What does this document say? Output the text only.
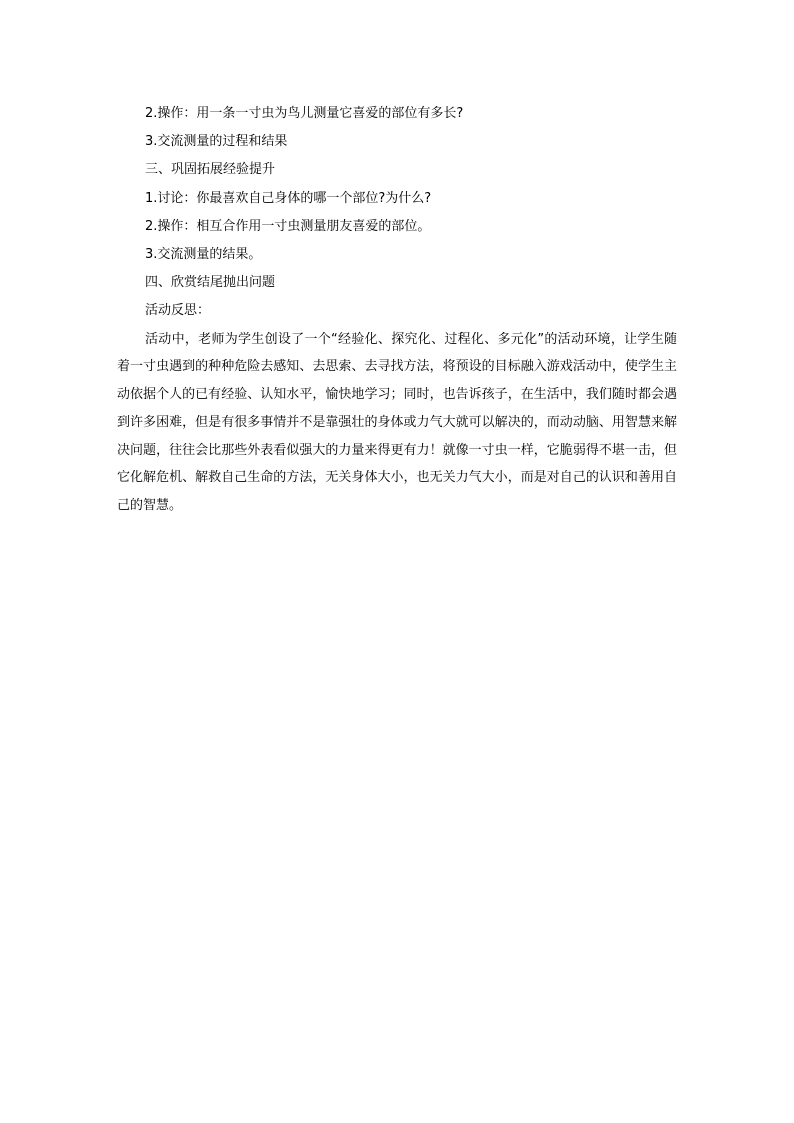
2.操作：用一条一寸虫为鸟儿测量它喜爱的部位有多长?

3.交流测量的过程和结果

三、巩固拓展经验提升

1.讨论：你最喜欢自己身体的哪一个部位?为什么?

2.操作：相互合作用一寸虫测量朋友喜爱的部位。

3.交流测量的结果。

四、欣赏结尾抛出问题

活动反思：

活动中，老师为学生创设了一个“经验化、探究化、过程化、多元化”的活动环境，让学生随着一寸虫遇到的种种危险去感知、去思索、去寻找方法，将预设的目标融入游戏活动中，使学生主动依据个人的已有经验、认知水平，愉快地学习；同时，也告诉孩子，在生活中，我们随时都会遇到许多困难，但是有很多事情并不是靠强壮的身体或力气大就可以解决的，而动动脑、用智慧来解决问题，往往会比那些外表看似强大的力量来得更有力！就像一寸虫一样，它脆弱得不堪一击，但它化解危机、解救自己生命的方法，无关身体大小，也无关力气大小，而是对自己的认识和善用自己的智慧。
